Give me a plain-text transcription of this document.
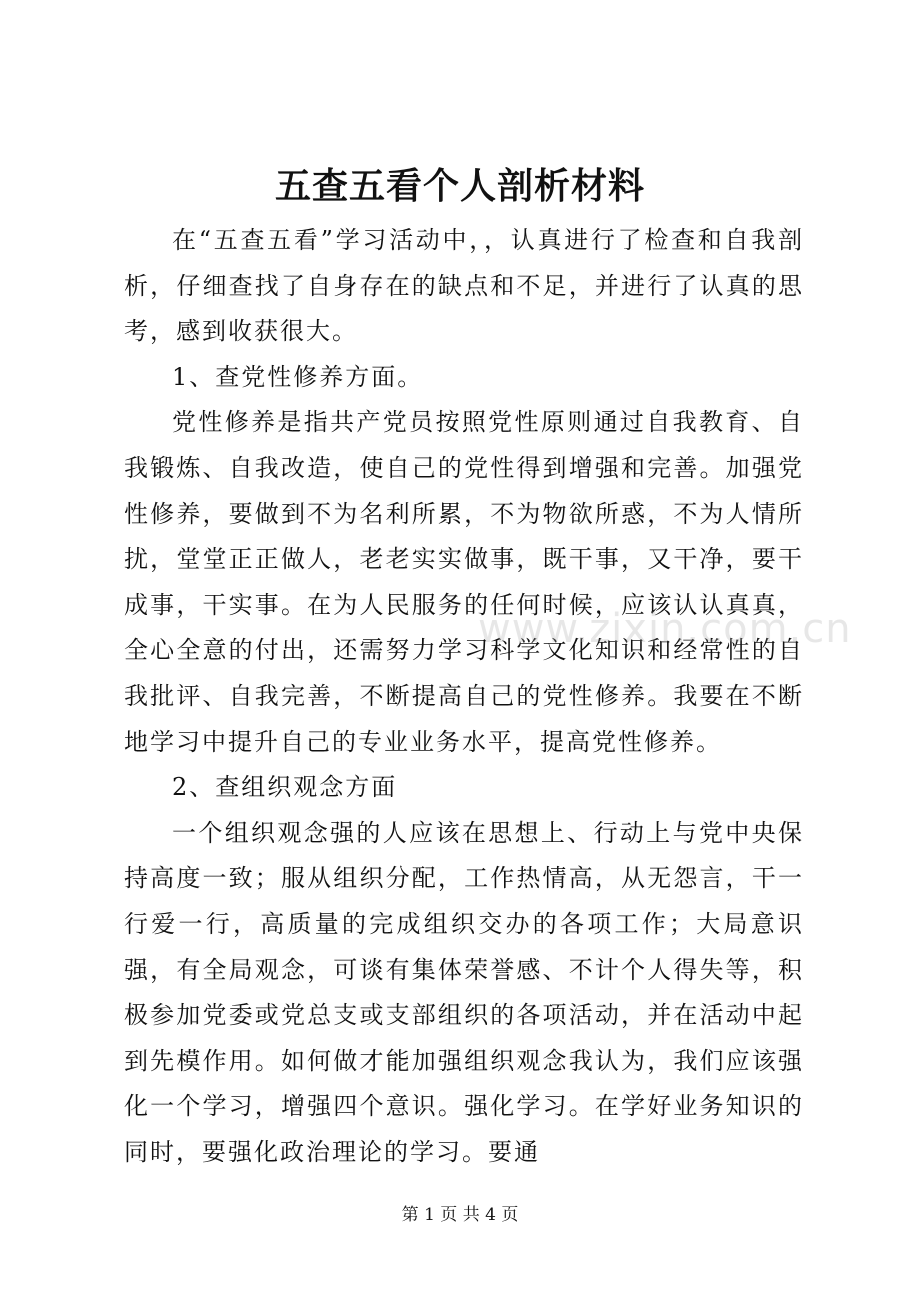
五查五看个人剖析材料

在“五查五看”学习活动中，，认真进行了检查和自我剖析，仔细查找了自身存在的缺点和不足，并进行了认真的思考，感到收获很大。

1、查党性修养方面。

党性修养是指共产党员按照党性原则通过自我教育、自我锻炼、自我改造，使自己的党性得到增强和完善。加强党性修养，要做到不为名利所累，不为物欲所惑，不为人情所扰，堂堂正正做人，老老实实做事，既干事，又干净，要干成事，干实事。在为人民服务的任何时候，应该认认真真，全心全意的付出，还需努力学习科学文化知识和经常性的自我批评、自我完善，不断提高自己的党性修养。我要在不断地学习中提升自己的专业业务水平，提高党性修养。

2、查组织观念方面

一个组织观念强的人应该在思想上、行动上与党中央保持高度一致；服从组织分配，工作热情高，从无怨言，干一行爱一行，高质量的完成组织交办的各项工作；大局意识强，有全局观念，可谈有集体荣誉感、不计个人得失等，积极参加党委或党总支或支部组织的各项活动，并在活动中起到先模作用。如何做才能加强组织观念我认为，我们应该强化一个学习，增强四个意识。强化学习。在学好业务知识的同时，要强化政治理论的学习。要通

www.zixin.com.cn
第 1 页 共 4 页
